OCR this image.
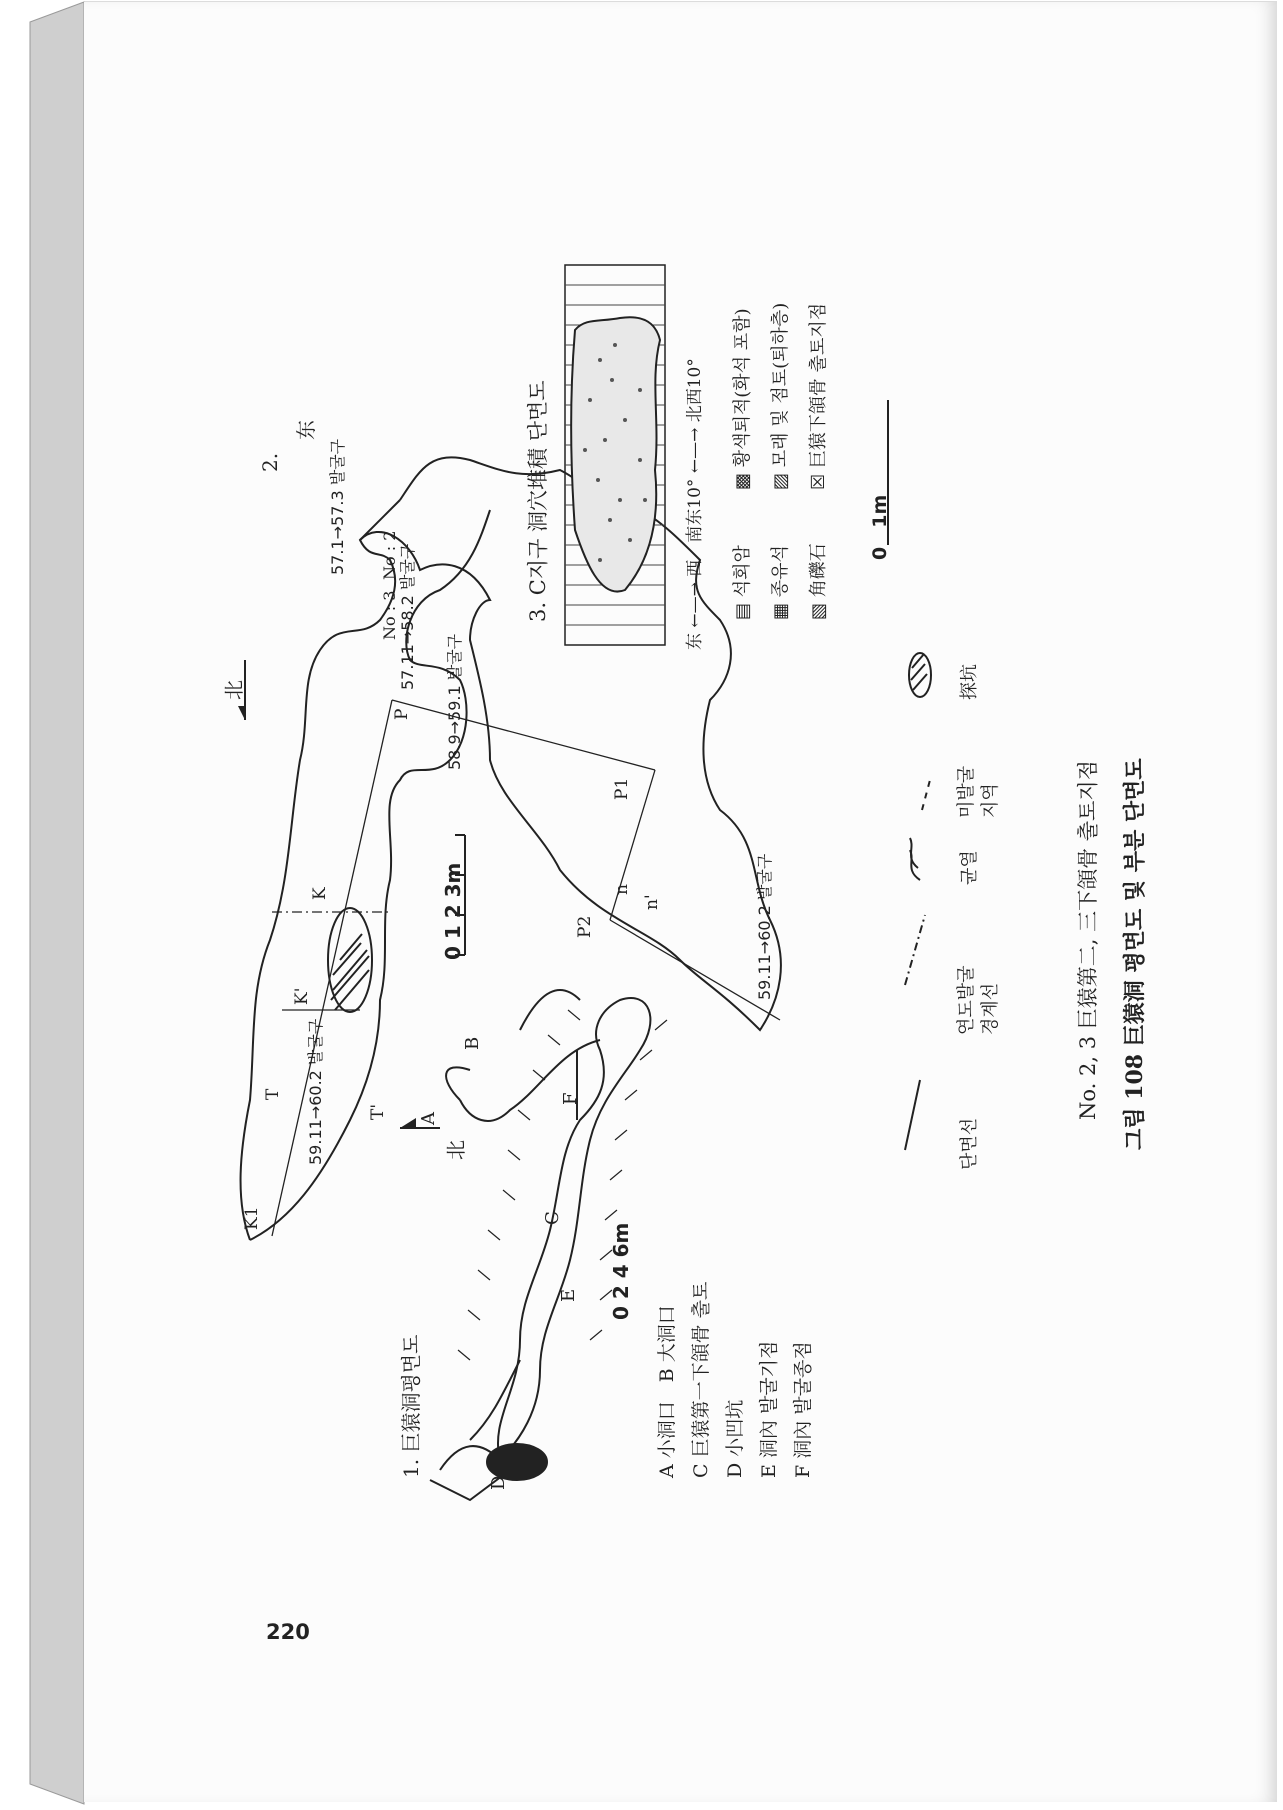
220
그림 108 巨猿洞 평면도 및 부분 단면도
No. 2, 3 巨猿第二, 三下頜骨 출토지점
1. 巨猿洞평면도
北
0 2 4 6m
A 小洞口　B 大洞口 C 巨猿第一下頜骨 출토 D 小凹坑 E 洞內 발굴기점 F 洞內 발굴종점
A
B
C
D
E
F
2.
东
北
0 1 2 3m
K
K'
T
T'
P
P1
P2
n
n'
K1
59.11→60.2 발굴구
57.11→58.2 발굴구
57.1→57.3 발굴구
58.9→59.1 발굴구
59.11→60.2 발굴구
No : 3
No : 2	3. C지구 洞穴堆積 단면도	东 ←—→ 西　南东10° ←—→ 北西10°	0　1m
▤ 석회암
▩ 황색퇴적(화석 포함)
▦ 종유석
▨ 모래 및 점토(퇴하층)
▧ 角礫石
☒ 巨猿下頜骨 출토지점
단면선
연도발굴 경계선
균열
미발굴 지역
探坑
